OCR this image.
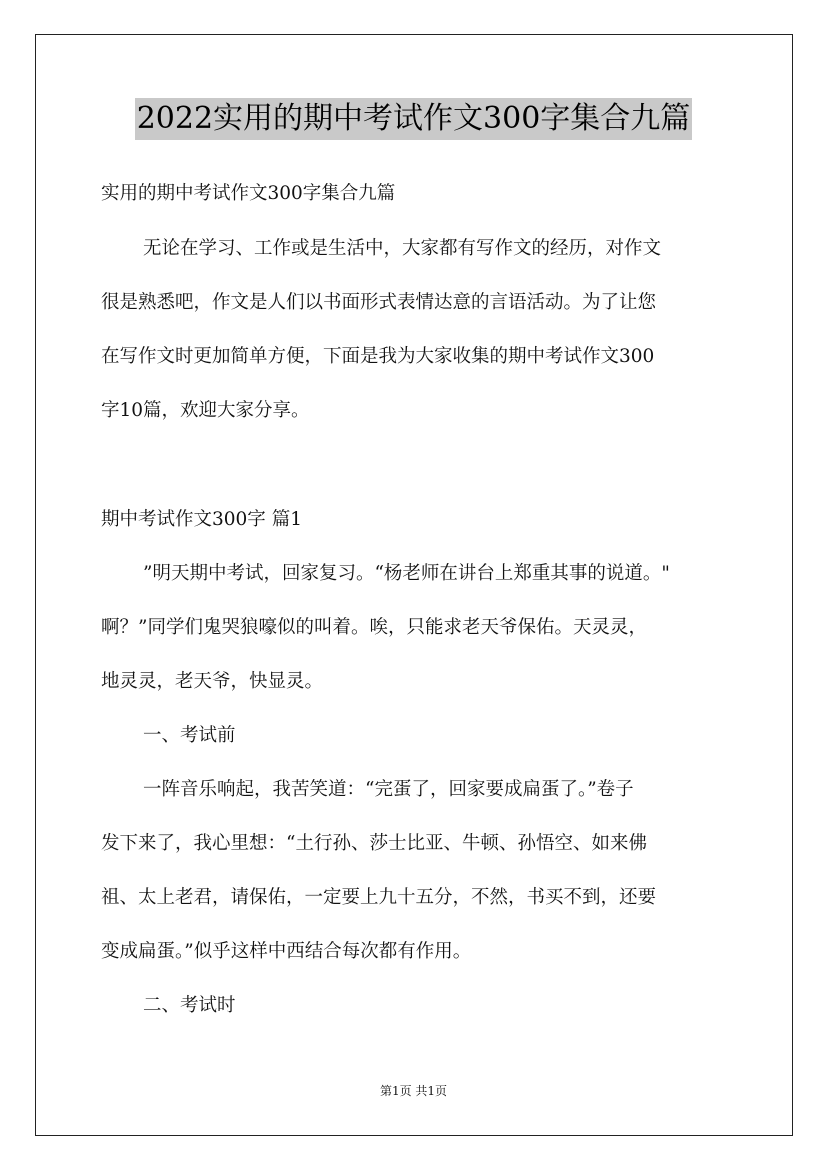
2022实用的期中考试作文300字集合九篇
实用的期中考试作文300字集合九篇
无论在学习、工作或是生活中，大家都有写作文的经历，对作文
很是熟悉吧，作文是人们以书面形式表情达意的言语活动。为了让您
在写作文时更加简单方便，下面是我为大家收集的期中考试作文300
字10篇，欢迎大家分享。
期中考试作文300字 篇1
”明天期中考试，回家复习。“杨老师在讲台上郑重其事的说道。"
啊？”同学们鬼哭狼嚎似的叫着。唉，只能求老天爷保佑。天灵灵，
地灵灵，老天爷，快显灵。
一、考试前
一阵音乐响起，我苦笑道：“完蛋了，回家要成扁蛋了。”卷子
发下来了，我心里想：“土行孙、莎士比亚、牛顿、孙悟空、如来佛
祖、太上老君，请保佑，一定要上九十五分，不然，书买不到，还要
变成扁蛋。”似乎这样中西结合每次都有作用。
二、考试时
第1页 共1页
